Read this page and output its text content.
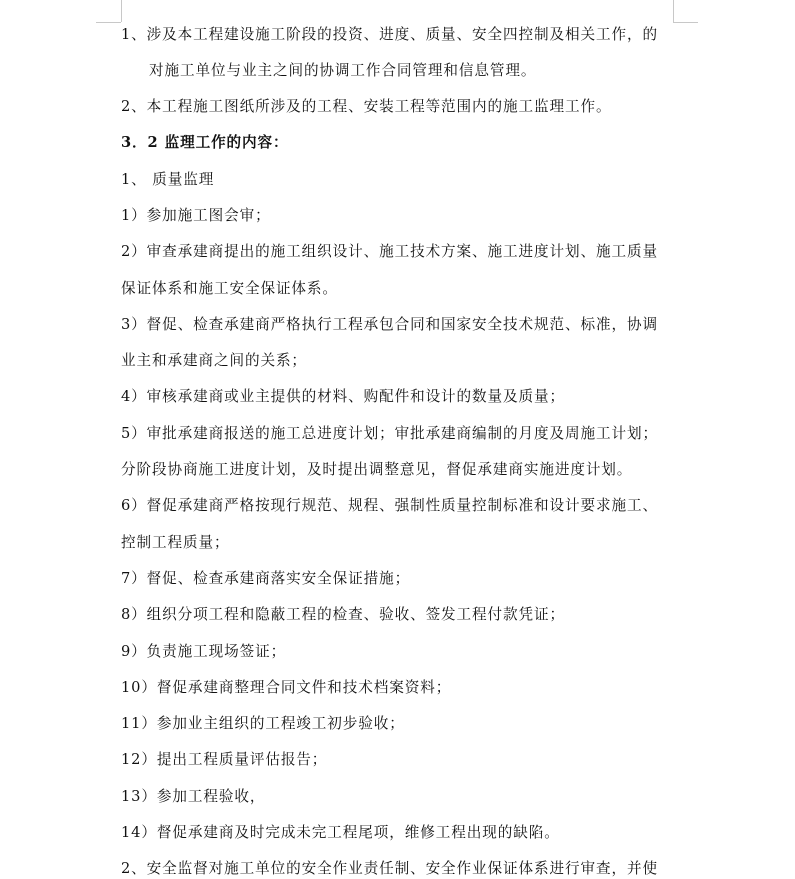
1、涉及本工程建设施工阶段的投资、进度、质量、安全四控制及相关工作，的
对施工单位与业主之间的协调工作合同管理和信息管理。
2、本工程施工图纸所涉及的工程、安装工程等范围内的施工监理工作。
3．2 监理工作的内容：
1、 质量监理
1）参加施工图会审；
2）审查承建商提出的施工组织设计、施工技术方案、施工进度计划、施工质量
保证体系和施工安全保证体系。
3）督促、检查承建商严格执行工程承包合同和国家安全技术规范、标准，协调
业主和承建商之间的关系；
4）审核承建商或业主提供的材料、购配件和设计的数量及质量；
5）审批承建商报送的施工总进度计划；审批承建商编制的月度及周施工计划；
分阶段协商施工进度计划，及时提出调整意见，督促承建商实施进度计划。
6）督促承建商严格按现行规范、规程、强制性质量控制标准和设计要求施工、
控制工程质量；
7）督促、检查承建商落实安全保证措施；
8）组织分项工程和隐蔽工程的检查、验收、签发工程付款凭证；
9）负责施工现场签证；
10）督促承建商整理合同文件和技术档案资料；
11）参加业主组织的工程竣工初步验收；
12）提出工程质量评估报告；
13）参加工程验收，
14）督促承建商及时完成未完工程尾项，维修工程出现的缺陷。
2、安全监督对施工单位的安全作业责任制、安全作业保证体系进行审查，并使
